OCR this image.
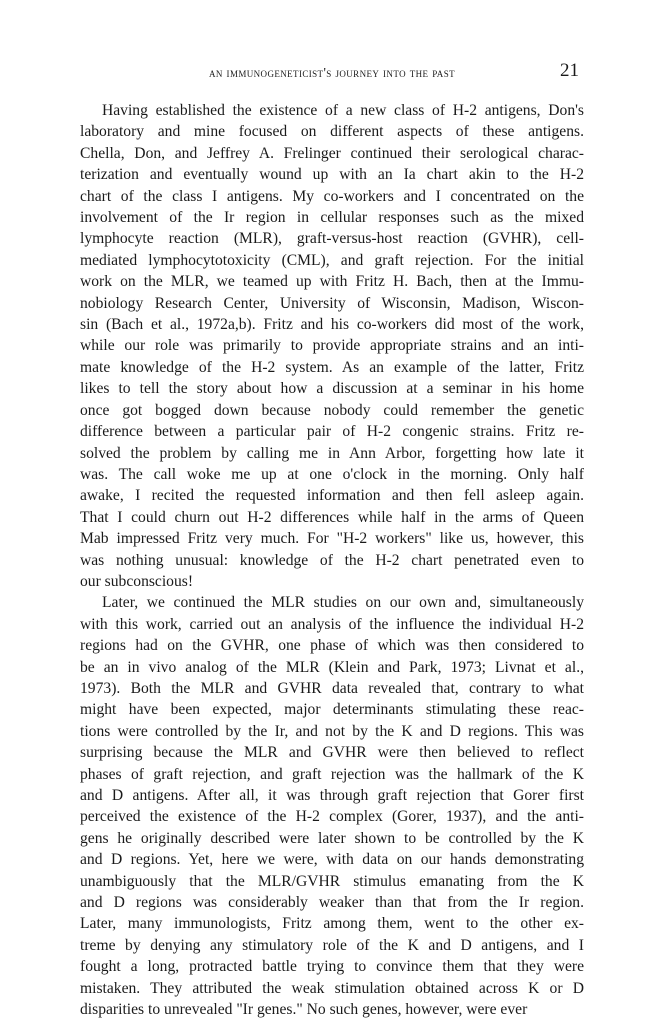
an immunogeneticist's journey into the past	21

Having established the existence of a new class of H-2 antigens, Don's
laboratory and mine focused on different aspects of these antigens.
Chella, Don, and Jeffrey A. Frelinger continued their serological charac-
terization and eventually wound up with an Ia chart akin to the H-2
chart of the class I antigens. My co-workers and I concentrated on the
involvement of the Ir region in cellular responses such as the mixed
lymphocyte reaction (MLR), graft-versus-host reaction (GVHR), cell-
mediated lymphocytotoxicity (CML), and graft rejection. For the initial
work on the MLR, we teamed up with Fritz H. Bach, then at the Immu-
nobiology Research Center, University of Wisconsin, Madison, Wiscon-
sin (Bach et al., 1972a,b). Fritz and his co-workers did most of the work,
while our role was primarily to provide appropriate strains and an inti-
mate knowledge of the H-2 system. As an example of the latter, Fritz
likes to tell the story about how a discussion at a seminar in his home
once got bogged down because nobody could remember the genetic
difference between a particular pair of H-2 congenic strains. Fritz re-
solved the problem by calling me in Ann Arbor, forgetting how late it
was. The call woke me up at one o'clock in the morning. Only half
awake, I recited the requested information and then fell asleep again.
That I could churn out H-2 differences while half in the arms of Queen
Mab impressed Fritz very much. For "H-2 workers" like us, however, this
was nothing unusual: knowledge of the H-2 chart penetrated even to
our subconscious!

Later, we continued the MLR studies on our own and, simultaneously
with this work, carried out an analysis of the influence the individual H-2
regions had on the GVHR, one phase of which was then considered to
be an in vivo analog of the MLR (Klein and Park, 1973; Livnat et al.,
1973). Both the MLR and GVHR data revealed that, contrary to what
might have been expected, major determinants stimulating these reac-
tions were controlled by the Ir, and not by the K and D regions. This was
surprising because the MLR and GVHR were then believed to reflect
phases of graft rejection, and graft rejection was the hallmark of the K
and D antigens. After all, it was through graft rejection that Gorer first
perceived the existence of the H-2 complex (Gorer, 1937), and the anti-
gens he originally described were later shown to be controlled by the K
and D regions. Yet, here we were, with data on our hands demonstrating
unambiguously that the MLR/GVHR stimulus emanating from the K
and D regions was considerably weaker than that from the Ir region.
Later, many immunologists, Fritz among them, went to the other ex-
treme by denying any stimulatory role of the K and D antigens, and I
fought a long, protracted battle trying to convince them that they were
mistaken. They attributed the weak stimulation obtained across K or D
disparities to unrevealed "Ir genes." No such genes, however, were ever
